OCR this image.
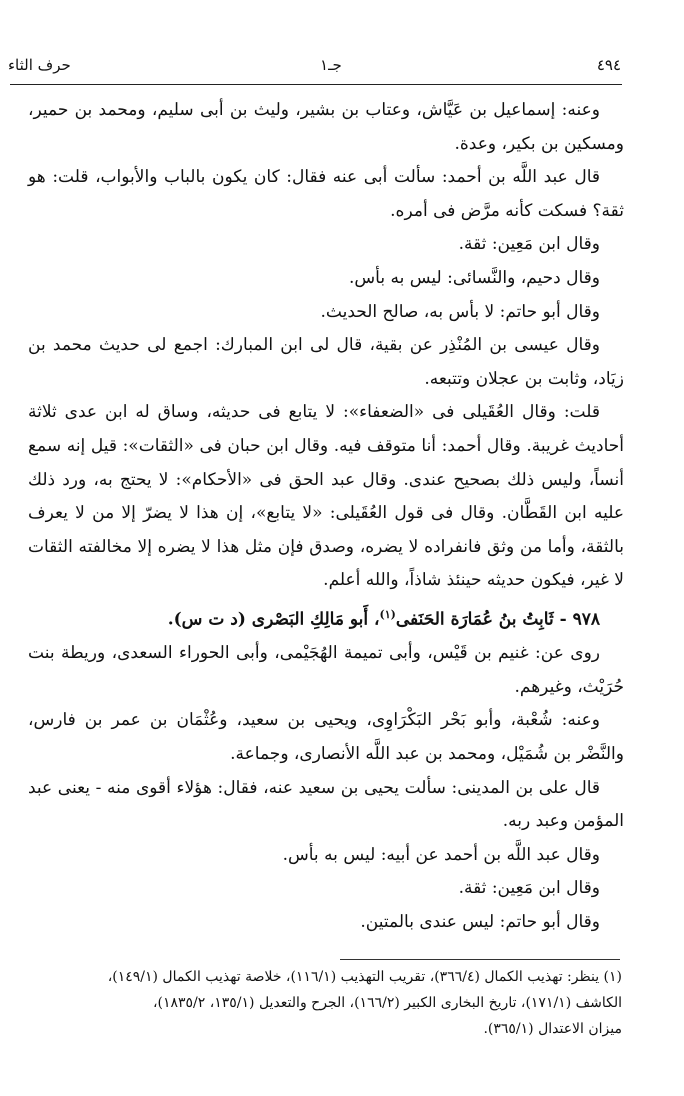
٤٩٤
جـ١
حرف الثاء

وعنه: إسماعيل بن عَيَّاش، وعتاب بن بشير، وليث بن أبى سليم، ومحمد بن حمير، ومسكين بن بكير، وعدة.

قال عبد اللَّه بن أحمد: سألت أبى عنه فقال: كان يكون بالباب والأبواب، قلت: هو ثقة؟ فسكت كأنه مرَّض فى أمره.

وقال ابن مَعِين: ثقة.

وقال دحيم، والنَّسائى: ليس به بأس.

وقال أبو حاتم: لا بأس به، صالح الحديث.

وقال عيسى بن المُنْذِر عن بقية، قال لى ابن المبارك: اجمع لى حديث محمد بن زيَاد، وثابت بن عجلان وتتبعه.

قلت: وقال العُقَيلى فى «الضعفاء»: لا يتابع فى حديثه، وساق له ابن عدى ثلاثة أحاديث غريبة. وقال أحمد: أنا متوقف فيه. وقال ابن حبان فى «الثقات»: قيل إنه سمع أنساً، وليس ذلك بصحيح عندى. وقال عبد الحق فى «الأحكام»: لا يحتج به، ورد ذلك عليه ابن القَطَّان. وقال فى قول العُقَيلى: «لا يتابع»، إن هذا لا يضرّ إلا من لا يعرف بالثقة، وأما من وثق فانفراده لا يضره، وصدق فإن مثل هذا لا يضره إلا مخالفته الثقات لا غير، فيكون حديثه حينئذ شاذاً، والله أعلم.

٩٧٨ - ثَابِتُ بنُ عُمَارَة الحَنَفى$^{(١)}$، أَبو مَالِكِ البَصْرى (د ت س).

روى عن: غنيم بن قَيْس، وأبى تميمة الهُجَيْمى، وأبى الحوراء السعدى، وريطة بنت حُرَيْث، وغيرهم.

وعنه: شُعْبة، وأبو بَحْر البَكْرَاوِى، ويحيى بن سعيد، وعُثْمَان بن عمر بن فارس، والنَّضْر بن شُمَيْل، ومحمد بن عبد اللَّه الأنصارى، وجماعة.

قال على بن المدينى: سألت يحيى بن سعيد عنه، فقال: هؤلاء أقوى منه - يعنى عبد المؤمن وعبد ربه.

وقال عبد اللَّه بن أحمد عن أبيه: ليس به بأس.

وقال ابن مَعِين: ثقة.

وقال أبو حاتم: ليس عندى بالمتين.

(١) ينظر: تهذيب الكمال (٣٦٦/٤)، تقريب التهذيب (١١٦/١)، خلاصة تهذيب الكمال (١٤٩/١)،

الكاشف (١٧١/١)، تاريخ البخارى الكبير (١٦٦/٢)، الجرح والتعديل (١٣٥/١، ١٨٣٥/٢)،

ميزان الاعتدال (٣٦٥/١).
